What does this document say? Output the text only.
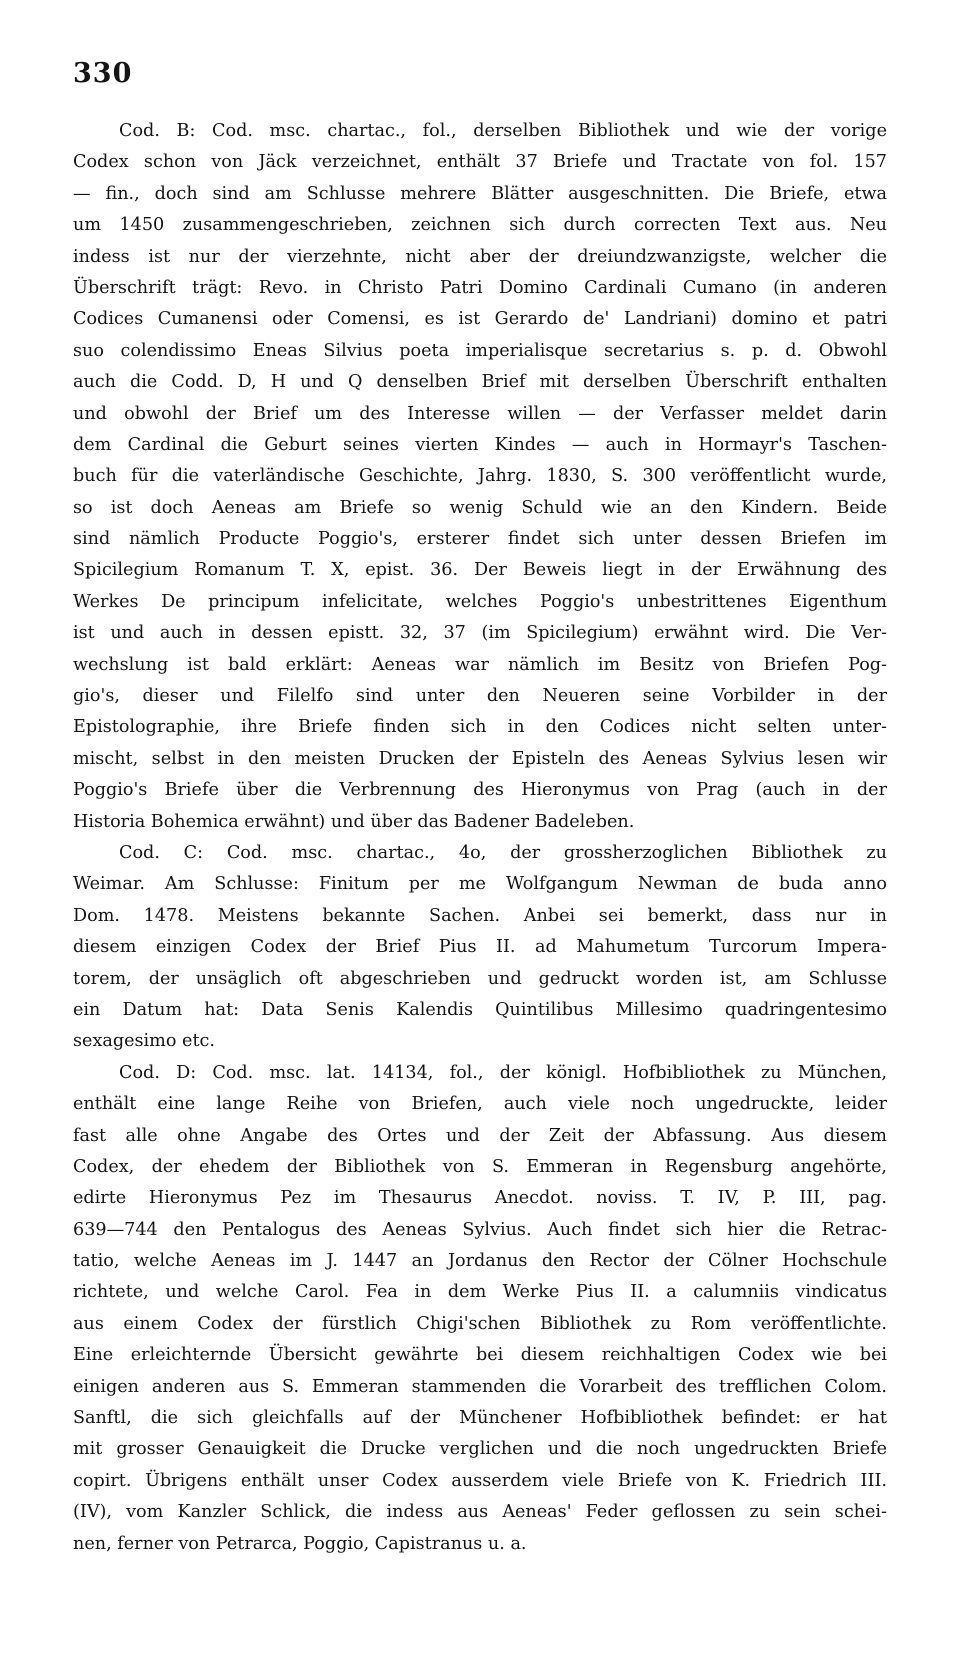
330
Cod. B: Cod. msc. chartac., fol., derselben Bibliothek und wie der vorige
Codex schon von Jäck verzeichnet, enthält 37 Briefe und Tractate von fol. 157
— fin., doch sind am Schlusse mehrere Blätter ausgeschnitten. Die Briefe, etwa
um 1450 zusammengeschrieben, zeichnen sich durch correcten Text aus. Neu
indess ist nur der vierzehnte, nicht aber der dreiundzwanzigste, welcher die
Überschrift trägt: Revo. in Christo Patri Domino Cardinali Cumano (in anderen
Codices Cumanensi oder Comensi, es ist Gerardo de' Landriani) domino et patri
suo colendissimo Eneas Silvius poeta imperialisque secretarius s. p. d. Obwohl
auch die Codd. D, H und Q denselben Brief mit derselben Überschrift enthalten
und obwohl der Brief um des Interesse willen — der Verfasser meldet darin
dem Cardinal die Geburt seines vierten Kindes — auch in Hormayr's Taschen-
buch für die vaterländische Geschichte, Jahrg. 1830, S. 300 veröffentlicht wurde,
so ist doch Aeneas am Briefe so wenig Schuld wie an den Kindern. Beide
sind nämlich Producte Poggio's, ersterer findet sich unter dessen Briefen im
Spicilegium Romanum T. X, epist. 36. Der Beweis liegt in der Erwähnung des
Werkes De principum infelicitate, welches Poggio's unbestrittenes Eigenthum
ist und auch in dessen epistt. 32, 37 (im Spicilegium) erwähnt wird. Die Ver-
wechslung ist bald erklärt: Aeneas war nämlich im Besitz von Briefen Pog-
gio's, dieser und Filelfo sind unter den Neueren seine Vorbilder in der
Epistolographie, ihre Briefe finden sich in den Codices nicht selten unter-
mischt, selbst in den meisten Drucken der Episteln des Aeneas Sylvius lesen wir
Poggio's Briefe über die Verbrennung des Hieronymus von Prag (auch in der
Historia Bohemica erwähnt) und über das Badener Badeleben.
Cod. C: Cod. msc. chartac., 4o, der grossherzoglichen Bibliothek zu
Weimar. Am Schlusse: Finitum per me Wolfgangum Newman de buda anno
Dom. 1478. Meistens bekannte Sachen. Anbei sei bemerkt, dass nur in
diesem einzigen Codex der Brief Pius II. ad Mahumetum Turcorum Impera-
torem, der unsäglich oft abgeschrieben und gedruckt worden ist, am Schlusse
ein Datum hat: Data Senis Kalendis Quintilibus Millesimo quadringentesimo
sexagesimo etc.
Cod. D: Cod. msc. lat. 14134, fol., der königl. Hofbibliothek zu München,
enthält eine lange Reihe von Briefen, auch viele noch ungedruckte, leider
fast alle ohne Angabe des Ortes und der Zeit der Abfassung. Aus diesem
Codex, der ehedem der Bibliothek von S. Emmeran in Regensburg angehörte,
edirte Hieronymus Pez im Thesaurus Anecdot. noviss. T. IV, P. III, pag.
639—744 den Pentalogus des Aeneas Sylvius. Auch findet sich hier die Retrac-
tatio, welche Aeneas im J. 1447 an Jordanus den Rector der Cölner Hochschule
richtete, und welche Carol. Fea in dem Werke Pius II. a calumniis vindicatus
aus einem Codex der fürstlich Chigi'schen Bibliothek zu Rom veröffentlichte.
Eine erleichternde Übersicht gewährte bei diesem reichhaltigen Codex wie bei
einigen anderen aus S. Emmeran stammenden die Vorarbeit des trefflichen Colom.
Sanftl, die sich gleichfalls auf der Münchener Hofbibliothek befindet: er hat
mit grosser Genauigkeit die Drucke verglichen und die noch ungedruckten Briefe
copirt. Übrigens enthält unser Codex ausserdem viele Briefe von K. Friedrich III.
(IV), vom Kanzler Schlick, die indess aus Aeneas' Feder geflossen zu sein schei-
nen, ferner von Petrarca, Poggio, Capistranus u. a.
